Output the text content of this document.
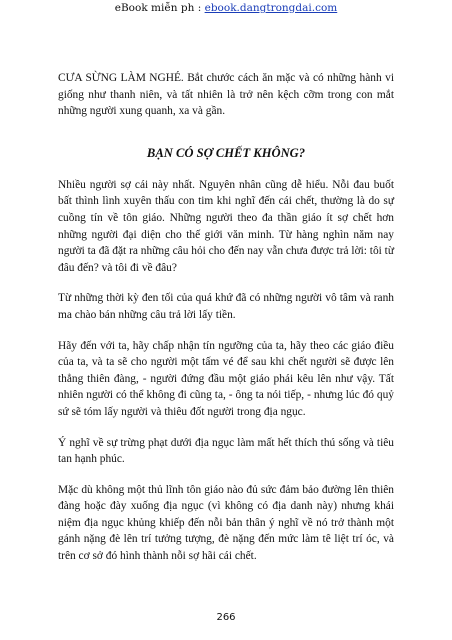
eBook miễn ph : ebook.dangtrongdai.com

CƯA SỪNG LÀM NGHÉ. Bắt chước cách ăn mặc và có những hành vi giống như thanh niên, và tất nhiên là trở nên kệch cỡm trong con mắt những người xung quanh, xa và gần.

BẠN CÓ SỢ CHẾT KHÔNG?

Nhiều người sợ cái này nhất. Nguyên nhân cũng dễ hiểu. Nỗi đau buốt bất thình lình xuyên thấu con tim khi nghĩ đến cái chết, thường là do sự cuồng tín về tôn giáo. Những người theo đa thần giáo ít sợ chết hơn những người đại diện cho thế giới văn minh. Từ hàng nghìn năm nay người ta đã đặt ra những câu hỏi cho đến nay vẫn chưa được trả lời: tôi từ đâu đến? và tôi đi về đâu?

Từ những thời kỳ đen tối của quá khứ đã có những người vô tâm và ranh ma chào bán những câu trả lời lấy tiền.

Hãy đến với ta, hãy chấp nhận tín ngưỡng của ta, hãy theo các giáo điều của ta, và ta sẽ cho người một tấm vé để sau khi chết người sẽ được lên thẳng thiên đàng, - người đứng đầu một giáo phái kêu lên như vậy. Tất nhiên người có thể không đi cũng ta, - ông ta nói tiếp, - nhưng lúc đó quỷ sứ sẽ tóm lấy người và thiêu đốt người trong địa ngục.

Ý nghĩ về sự trừng phạt dưới địa ngục làm mất hết thích thú sống và tiêu tan hạnh phúc.

Mặc dù không một thủ lĩnh tôn giáo nào đủ sức đảm bảo đường lên thiên đàng hoặc đày xuống địa ngục (vì không có địa danh này) nhưng khái niệm địa ngục khủng khiếp đến nỗi bản thân ý nghĩ về nó trở thành một gánh nặng đè lên trí tưởng tượng, đè nặng đến mức làm tê liệt trí óc, và trên cơ sở đó hình thành nỗi sợ hãi cái chết.

266
